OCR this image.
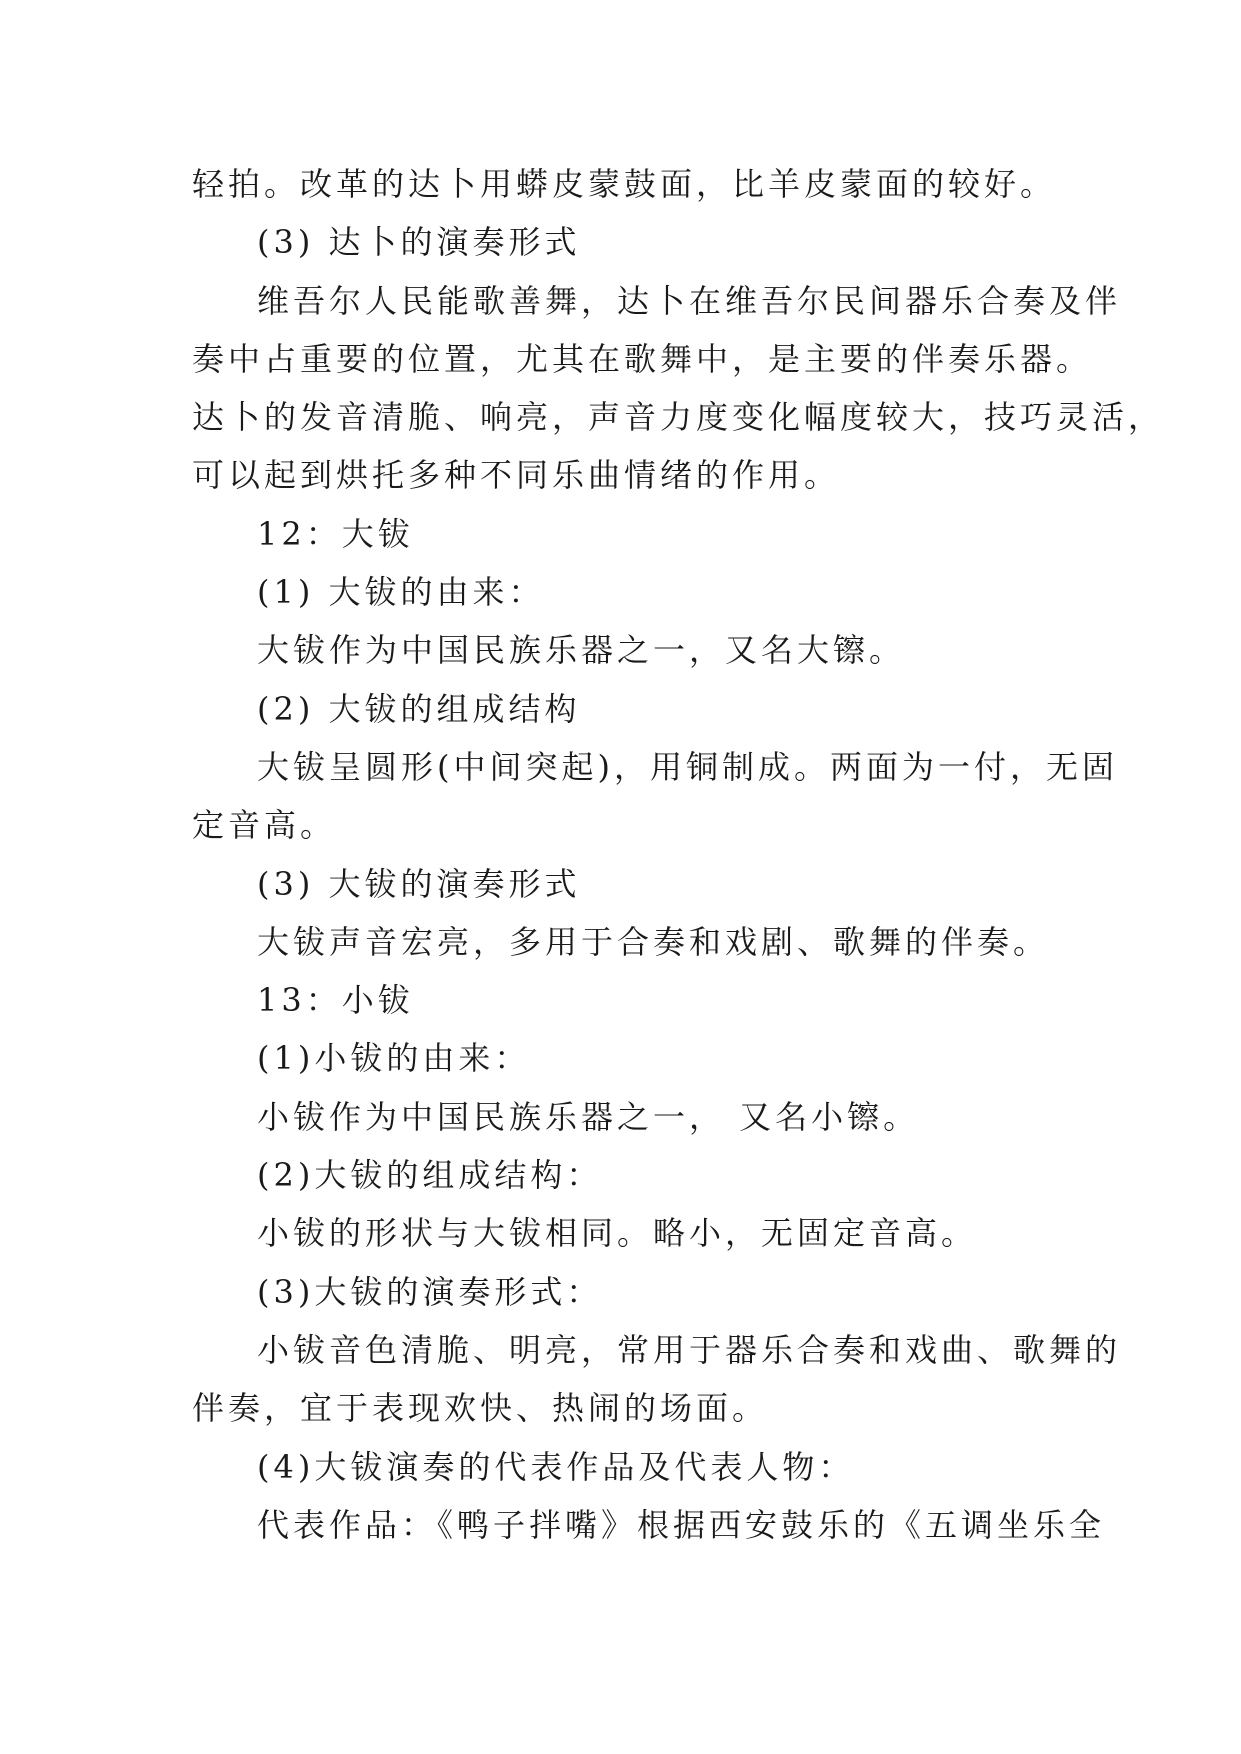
轻拍。改革的达卜用蟒皮蒙鼓面，比羊皮蒙面的较好。
(3) 达卜的演奏形式
维吾尔人民能歌善舞，达卜在维吾尔民间器乐合奏及伴
奏中占重要的位置，尤其在歌舞中，是主要的伴奏乐器。
达卜的发音清脆、响亮，声音力度变化幅度较大，技巧灵活，
可以起到烘托多种不同乐曲情绪的作用。
12：大钹
(1) 大钹的由来：
大钹作为中国民族乐器之一，又名大镲。
(2) 大钹的组成结构
大钹呈圆形(中间突起)，用铜制成。两面为一付，无固
定音高。
(3) 大钹的演奏形式
大钹声音宏亮，多用于合奏和戏剧、歌舞的伴奏。
13：小钹
(1)小钹的由来：
小钹作为中国民族乐器之一， 又名小镲。
(2)大钹的组成结构：
小钹的形状与大钹相同。略小，无固定音高。
(3)大钹的演奏形式：
小钹音色清脆、明亮，常用于器乐合奏和戏曲、歌舞的
伴奏，宜于表现欢快、热闹的场面。
(4)大钹演奏的代表作品及代表人物：
代表作品：《鸭子拌嘴》根据西安鼓乐的《五调坐乐全
